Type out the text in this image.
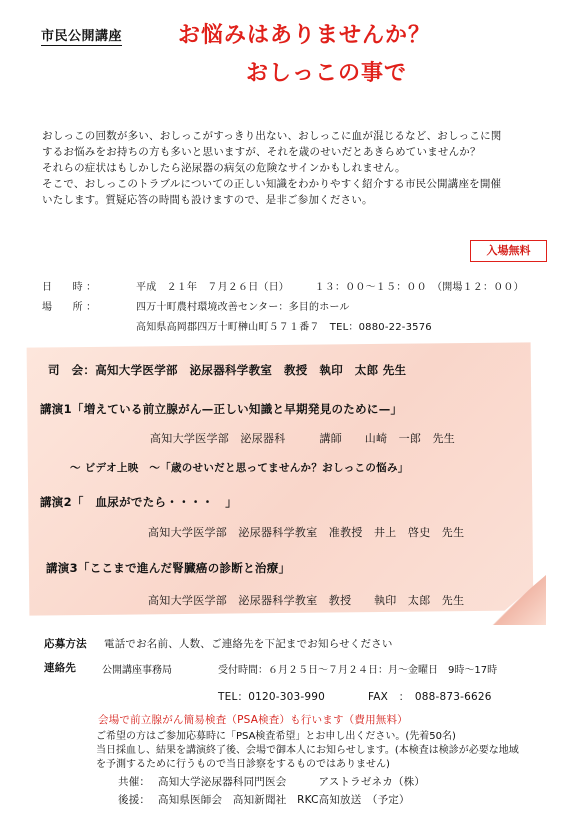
市民公開講座	お悩みはありませんか？
おしっこの事で

おしっこの回数が多い、おしっこがすっきり出ない、おしっこに血が混じるなど、おしっこに関

するお悩みをお持ちの方も多いと思いますが、それを歳のせいだとあきらめていませんか？

それらの症状はもしかしたら泌尿器の病気の危険なサインかもしれません。

そこで、おしっこのトラブルについての正しい知識をわかりやすく紹介する市民公開講座を開催

いたします。質疑応答の時間も設けますので、是非ご参加ください。

入場無料
日　　時 ：	平成　２１年　７月２６日（日）　　　１３：００～１５：００　（開場１２：００）
場　　所 ：	四万十町農村環境改善センター：多目的ホール
高知県高岡郡四万十町榊山町５７１番７　TEL：0880-22-3576
司　会：高知大学医学部　泌尿器科学教室　教授　執印　太郎 先生
講演1「増えている前立腺がん—正しい知識と早期発見のために—」
高知大学医学部　泌尿器科　　　講師　　山崎　一郎　先生
～ ビデオ上映　～「歳のせいだと思ってませんか？おしっこの悩み」
講演2「　血尿がでたら・・・・　」
高知大学医学部　泌尿器科学教室　准教授　井上　啓史　先生
講演3「ここまで進んだ腎臓癌の診断と治療」
高知大学医学部　泌尿器科学教室　教授　　執印　太郎　先生
応募方法 電話でお名前、人数、ご連絡先を下記までお知らせください
連絡先	公開講座事務局	受付時間：６月２５日～７月２４日：月～金曜日　9時～17時
TEL：0120-303-990	FAX　：　088-873-6626
会場で前立腺がん簡易検査（PSA検査）も行います（費用無料）
ご希望の方はご参加応募時に「PSA検査希望」とお申し出ください。(先着50名)
当日採血し、結果を講演終了後、会場で御本人にお知らせします。(本検査は検診が必要な地域
を予測するために行うもので当日診察をするものではありません)
共催： 高知大学泌尿器科同門医会　　　アストラゼネカ（株）
後援： 高知県医師会　高知新聞社　RKC高知放送　（予定）
